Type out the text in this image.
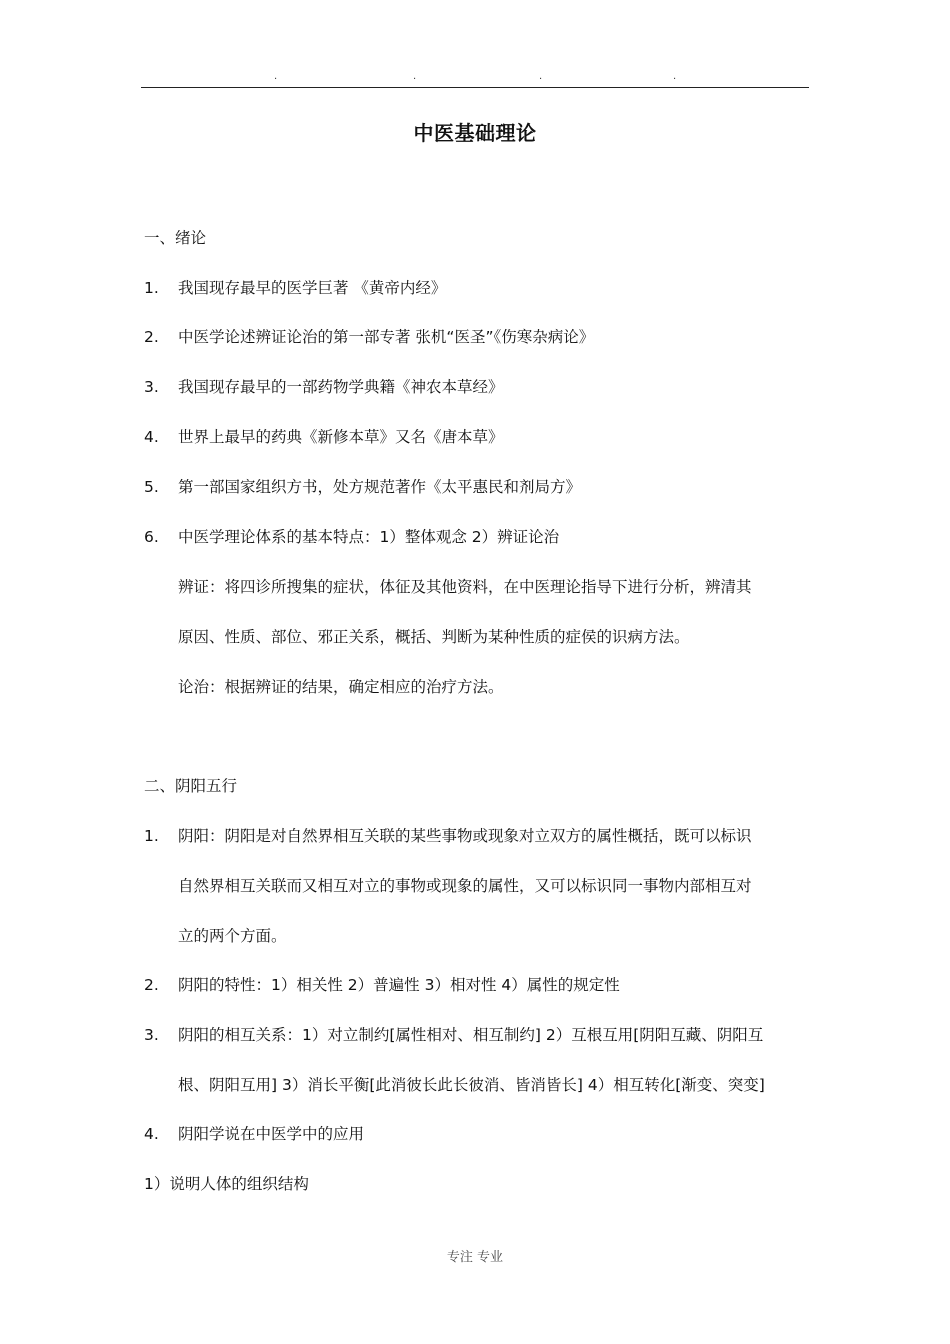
.	.	.	.
中医基础理论
一、绪论
1. 我国现存最早的医学巨著 《黄帝内经》
2. 中医学论述辨证论治的第一部专著 张机“医圣”《伤寒杂病论》
3. 我国现存最早的一部药物学典籍《神农本草经》
4. 世界上最早的药典《新修本草》又名《唐本草》
5. 第一部国家组织方书，处方规范著作《太平惠民和剂局方》
6. 中医学理论体系的基本特点：1）整体观念 2）辨证论治
辨证：将四诊所搜集的症状，体征及其他资料，在中医理论指导下进行分析，辨清其
原因、性质、部位、邪正关系，概括、判断为某种性质的症侯的识病方法。
论治：根据辨证的结果，确定相应的治疗方法。
二、阴阳五行
1. 阴阳：阴阳是对自然界相互关联的某些事物或现象对立双方的属性概括，既可以标识
自然界相互关联而又相互对立的事物或现象的属性，又可以标识同一事物内部相互对
立的两个方面。
2. 阴阳的特性：1）相关性 2）普遍性 3）相对性 4）属性的规定性
3. 阴阳的相互关系：1）对立制约[属性相对、相互制约] 2）互根互用[阴阳互藏、阴阳互
根、阴阳互用] 3）消长平衡[此消彼长此长彼消、皆消皆长] 4）相互转化[渐变、突变]
4. 阴阳学说在中医学中的应用
1）说明人体的组织结构
专注 专业
